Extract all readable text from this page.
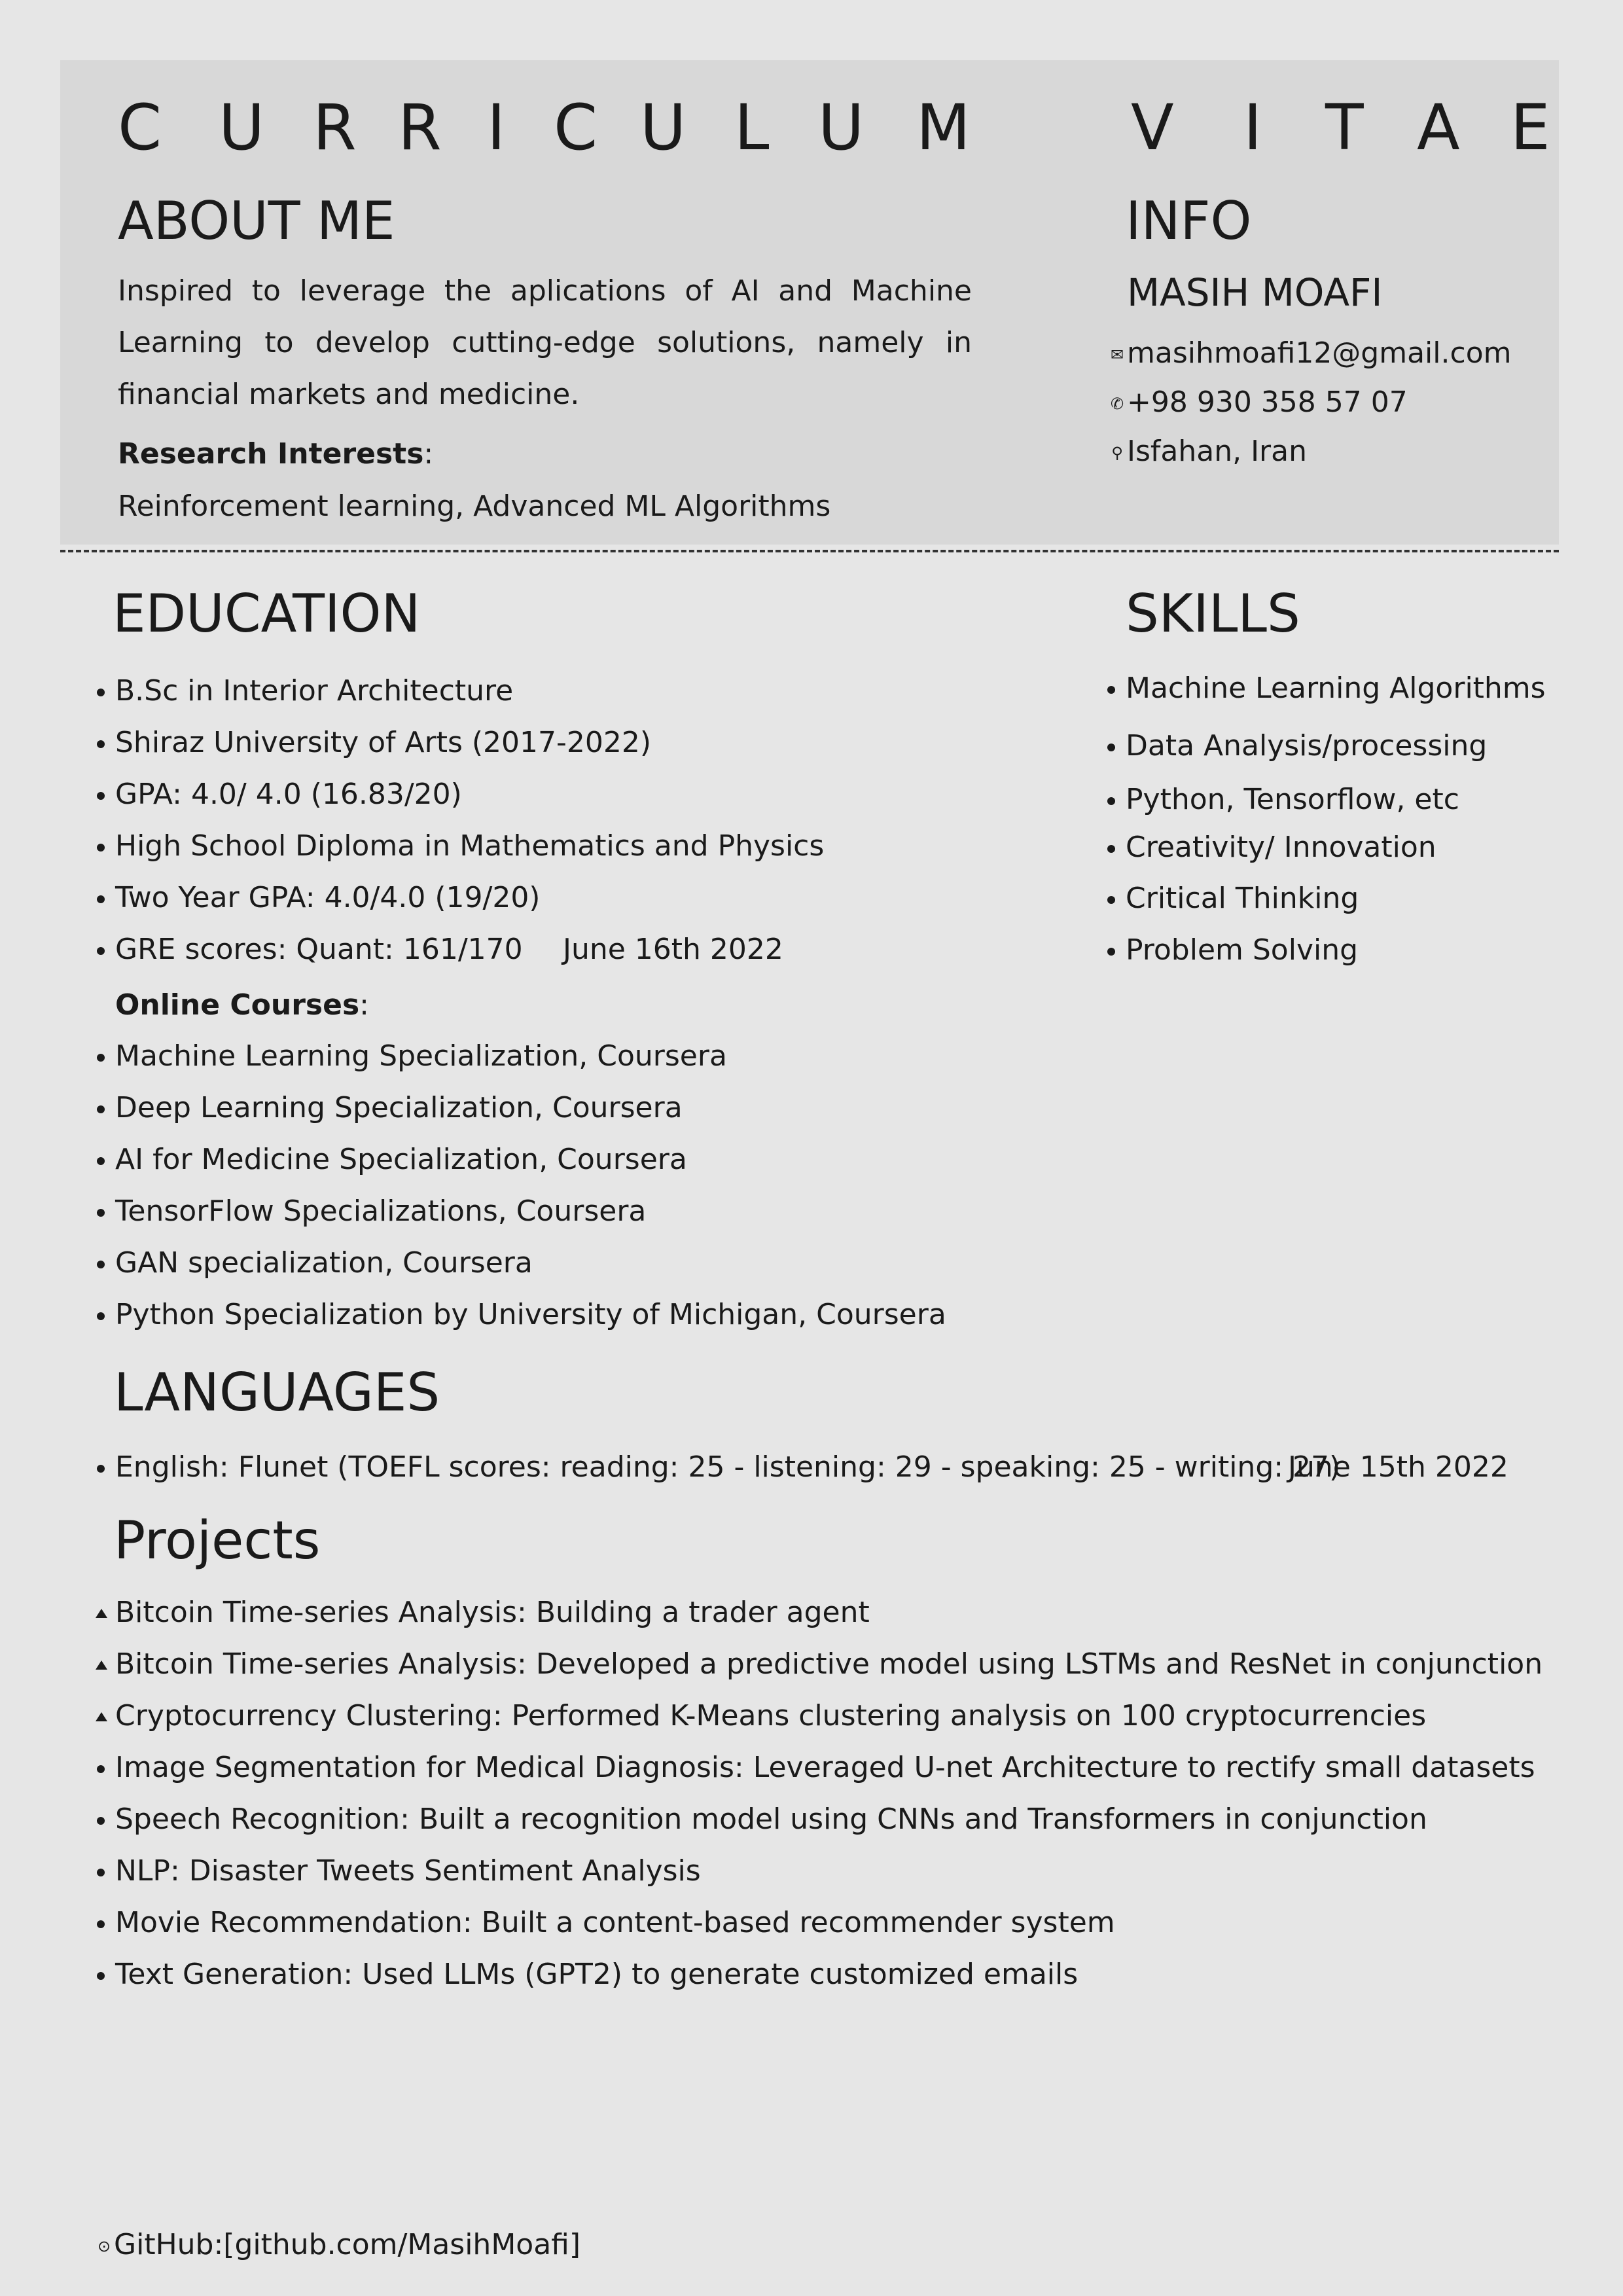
C U R R I C U L U M	V I T A E
ABOUT ME

Inspired to leverage the aplications of AI and Machine Learning to develop cutting-edge solutions, namely in financial markets and medicine.

Research Interests:
Reinforcement learning, Advanced ML Algorithms
INFO
MASIH MOAFI
✉ masihmoafi12@gmail.com
✆ +98 930 358 57 07
⚲ Isfahan, Iran
EDUCATION
B.Sc in Interior Architecture
Shiraz University of Arts (2017-2022)
GPA: 4.0/ 4.0 (16.83/20)
High School Diploma in Mathematics and Physics
Two Year GPA: 4.0/4.0 (19/20)
GRE scores: Quant: 161/170	June 16th 2022
Online Courses:
Machine Learning Specialization, Coursera
Deep Learning Specialization, Coursera
AI for Medicine Specialization, Coursera
TensorFlow Specializations, Coursera
GAN specialization, Coursera
Python Specialization by University of Michigan, Coursera
SKILLS
Machine Learning Algorithms
Data Analysis/processing
Python, Tensorflow, etc
Creativity/ Innovation
Critical Thinking
Problem Solving
LANGUAGES
English: Flunet (TOEFL scores: reading: 25 - listening: 29 - speaking: 25 - writing: 27)
June 15th 2022
Projects
Bitcoin Time-series Analysis: Building a trader agent
Bitcoin Time-series Analysis: Developed a predictive model using LSTMs and ResNet in conjunction
Cryptocurrency Clustering: Performed K-Means clustering analysis on 100 cryptocurrencies
Image Segmentation for Medical Diagnosis: Leveraged U-net Architecture to rectify small datasets
Speech Recognition: Built a recognition model using CNNs and Transformers in conjunction
NLP: Disaster Tweets Sentiment Analysis
Movie Recommendation: Built a content-based recommender system
Text Generation: Used LLMs (GPT2) to generate customized emails
⊙ GitHub:[github.com/MasihMoafi]
